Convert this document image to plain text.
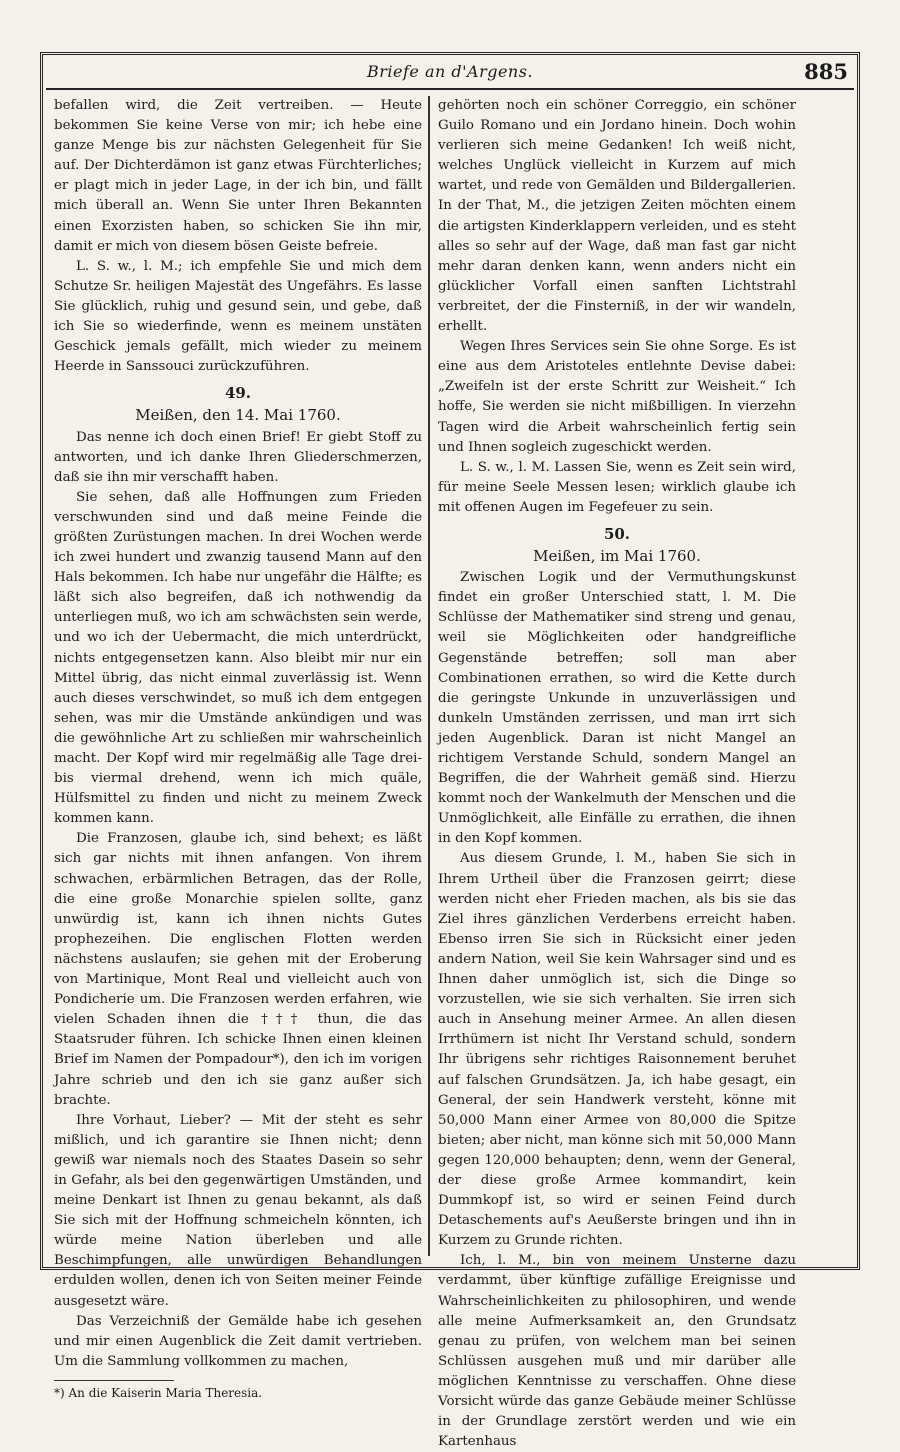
Briefe an d'Argens.	885

befallen wird, die Zeit vertreiben. — Heute bekommen Sie keine Verse von mir; ich hebe eine ganze Menge bis zur nächsten Gelegenheit für Sie auf. Der Dichterdämon ist ganz etwas Fürchterliches; er plagt mich in jeder Lage, in der ich bin, und fällt mich überall an. Wenn Sie unter Ihren Bekannten einen Exorzisten haben, so schicken Sie ihn mir, damit er mich von diesem bösen Geiste befreie.

L. S. w., l. M.; ich empfehle Sie und mich dem Schutze Sr. heiligen Majestät des Ungefährs. Es lasse Sie glücklich, ruhig und gesund sein, und gebe, daß ich Sie so wiederfinde, wenn es meinem unstäten Geschick jemals gefällt, mich wieder zu meinem Heerde in Sanssouci zurückzuführen.

49.
Meißen, den 14. Mai 1760.

Das nenne ich doch einen Brief! Er giebt Stoff zu antworten, und ich danke Ihren Gliederschmerzen, daß sie ihn mir verschafft haben.

Sie sehen, daß alle Hoffnungen zum Frieden verschwunden sind und daß meine Feinde die größten Zurüstungen machen. In drei Wochen werde ich zwei hundert und zwanzig tausend Mann auf den Hals bekommen. Ich habe nur ungefähr die Hälfte; es läßt sich also begreifen, daß ich nothwendig da unterliegen muß, wo ich am schwächsten sein werde, und wo ich der Uebermacht, die mich unterdrückt, nichts entgegensetzen kann. Also bleibt mir nur ein Mittel übrig, das nicht einmal zuverlässig ist. Wenn auch dieses verschwindet, so muß ich dem entgegen sehen, was mir die Umstände ankündigen und was die gewöhnliche Art zu schließen mir wahrscheinlich macht. Der Kopf wird mir regelmäßig alle Tage drei- bis viermal drehend, wenn ich mich quäle, Hülfsmittel zu finden und nicht zu meinem Zweck kommen kann.

Die Franzosen, glaube ich, sind behext; es läßt sich gar nichts mit ihnen anfangen. Von ihrem schwachen, erbärmlichen Betragen, das der Rolle, die eine große Monarchie spielen sollte, ganz unwürdig ist, kann ich ihnen nichts Gutes prophezeihen. Die englischen Flotten werden nächstens auslaufen; sie gehen mit der Eroberung von Martinique, Mont Real und vielleicht auch von Pondicherie um. Die Franzosen werden erfahren, wie vielen Schaden ihnen die ††† thun, die das Staatsruder führen. Ich schicke Ihnen einen kleinen Brief im Namen der Pompadour*), den ich im vorigen Jahre schrieb und den ich sie ganz außer sich brachte.

Ihre Vorhaut, Lieber? — Mit der steht es sehr mißlich, und ich garantire sie Ihnen nicht; denn gewiß war niemals noch des Staates Dasein so sehr in Gefahr, als bei den gegenwärtigen Umständen, und meine Denkart ist Ihnen zu genau bekannt, als daß Sie sich mit der Hoffnung schmeicheln könnten, ich würde meine Nation überleben und alle Beschimpfungen, alle unwürdigen Behandlungen erdulden wollen, denen ich von Seiten meiner Feinde ausgesetzt wäre.

Das Verzeichniß der Gemälde habe ich gesehen und mir einen Augenblick die Zeit damit vertrieben. Um die Sammlung vollkommen zu machen,

*) An die Kaiserin Maria Theresia.

gehörten noch ein schöner Correggio, ein schöner Guilo Romano und ein Jordano hinein. Doch wohin verlieren sich meine Gedanken! Ich weiß nicht, welches Unglück vielleicht in Kurzem auf mich wartet, und rede von Gemälden und Bildergallerien. In der That, M., die jetzigen Zeiten möchten einem die artigsten Kinderklappern verleiden, und es steht alles so sehr auf der Wage, daß man fast gar nicht mehr daran denken kann, wenn anders nicht ein glücklicher Vorfall einen sanften Lichtstrahl verbreitet, der die Finsterniß, in der wir wandeln, erhellt.

Wegen Ihres Services sein Sie ohne Sorge. Es ist eine aus dem Aristoteles entlehnte Devise dabei: „Zweifeln ist der erste Schritt zur Weisheit.“ Ich hoffe, Sie werden sie nicht mißbilligen. In vierzehn Tagen wird die Arbeit wahrscheinlich fertig sein und Ihnen sogleich zugeschickt werden.

L. S. w., l. M. Lassen Sie, wenn es Zeit sein wird, für meine Seele Messen lesen; wirklich glaube ich mit offenen Augen im Fegefeuer zu sein.

50.
Meißen, im Mai 1760.

Zwischen Logik und der Vermuthungskunst findet ein großer Unterschied statt, l. M. Die Schlüsse der Mathematiker sind streng und genau, weil sie Möglichkeiten oder handgreifliche Gegenstände betreffen; soll man aber Combinationen errathen, so wird die Kette durch die geringste Unkunde in unzuverlässigen und dunkeln Umständen zerrissen, und man irrt sich jeden Augenblick. Daran ist nicht Mangel an richtigem Verstande Schuld, sondern Mangel an Begriffen, die der Wahrheit gemäß sind. Hierzu kommt noch der Wankelmuth der Menschen und die Unmöglichkeit, alle Einfälle zu errathen, die ihnen in den Kopf kommen.

Aus diesem Grunde, l. M., haben Sie sich in Ihrem Urtheil über die Franzosen geirrt; diese werden nicht eher Frieden machen, als bis sie das Ziel ihres gänzlichen Verderbens erreicht haben. Ebenso irren Sie sich in Rücksicht einer jeden andern Nation, weil Sie kein Wahrsager sind und es Ihnen daher unmöglich ist, sich die Dinge so vorzustellen, wie sie sich verhalten. Sie irren sich auch in Ansehung meiner Armee. An allen diesen Irrthümern ist nicht Ihr Verstand schuld, sondern Ihr übrigens sehr richtiges Raisonnement beruhet auf falschen Grundsätzen. Ja, ich habe gesagt, ein General, der sein Handwerk versteht, könne mit 50,000 Mann einer Armee von 80,000 die Spitze bieten; aber nicht, man könne sich mit 50,000 Mann gegen 120,000 behaupten; denn, wenn der General, der diese große Armee kommandirt, kein Dummkopf ist, so wird er seinen Feind durch Detaschements auf's Aeußerste bringen und ihn in Kurzem zu Grunde richten.

Ich, l. M., bin von meinem Unsterne dazu verdammt, über künftige zufällige Ereignisse und Wahrscheinlichkeiten zu philosophiren, und wende alle meine Aufmerksamkeit an, den Grundsatz genau zu prüfen, von welchem man bei seinen Schlüssen ausgehen muß und mir darüber alle möglichen Kenntnisse zu verschaffen. Ohne diese Vorsicht würde das ganze Gebäude meiner Schlüsse in der Grundlage zerstört werden und wie ein Kartenhaus
